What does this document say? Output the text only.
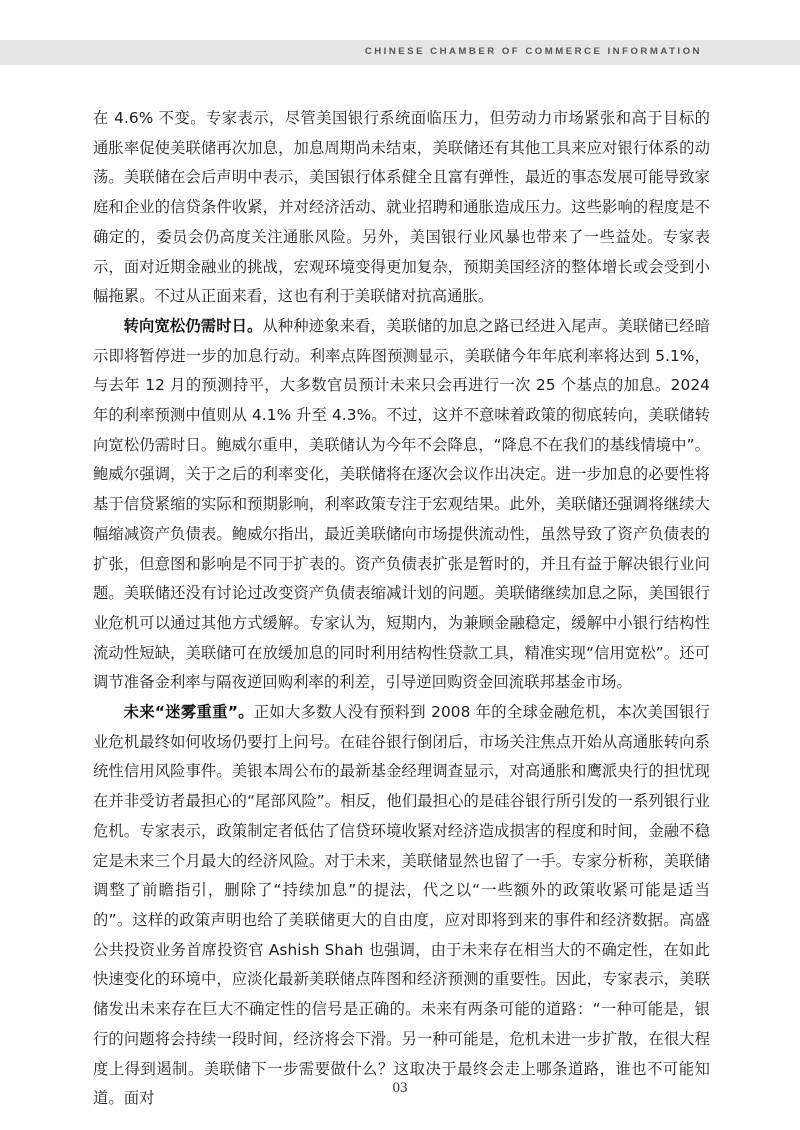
CHINESE CHAMBER OF COMMERCE INFORMATION

在 4.6% 不变。专家表示，尽管美国银行系统面临压力，但劳动力市场紧张和高于目标的通胀率促使美联储再次加息，加息周期尚未结束，美联储还有其他工具来应对银行体系的动荡。美联储在会后声明中表示，美国银行体系健全且富有弹性，最近的事态发展可能导致家庭和企业的信贷条件收紧，并对经济活动、就业招聘和通胀造成压力。这些影响的程度是不确定的，委员会仍高度关注通胀风险。另外，美国银行业风暴也带来了一些益处。专家表示，面对近期金融业的挑战，宏观环境变得更加复杂，预期美国经济的整体增长或会受到小幅拖累。不过从正面来看，这也有利于美联储对抗高通胀。

转向宽松仍需时日。从种种迹象来看，美联储的加息之路已经进入尾声。美联储已经暗示即将暂停进一步的加息行动。利率点阵图预测显示，美联储今年年底利率将达到 5.1%，与去年 12 月的预测持平，大多数官员预计未来只会再进行一次 25 个基点的加息。2024 年的利率预测中值则从 4.1% 升至 4.3%。不过，这并不意味着政策的彻底转向，美联储转向宽松仍需时日。鲍威尔重申，美联储认为今年不会降息，“降息不在我们的基线情境中”。鲍威尔强调，关于之后的利率变化，美联储将在逐次会议作出决定。进一步加息的必要性将基于信贷紧缩的实际和预期影响，利率政策专注于宏观结果。此外，美联储还强调将继续大幅缩减资产负债表。鲍威尔指出，最近美联储向市场提供流动性，虽然导致了资产负债表的扩张，但意图和影响是不同于扩表的。资产负债表扩张是暂时的，并且有益于解决银行业问题。美联储还没有讨论过改变资产负债表缩减计划的问题。美联储继续加息之际，美国银行业危机可以通过其他方式缓解。专家认为，短期内，为兼顾金融稳定，缓解中小银行结构性流动性短缺，美联储可在放缓加息的同时利用结构性贷款工具，精准实现“信用宽松”。还可调节准备金利率与隔夜逆回购利率的利差，引导逆回购资金回流联邦基金市场。

未来“迷雾重重”。正如大多数人没有预料到 2008 年的全球金融危机，本次美国银行业危机最终如何收场仍要打上问号。在硅谷银行倒闭后，市场关注焦点开始从高通胀转向系统性信用风险事件。美银本周公布的最新基金经理调查显示，对高通胀和鹰派央行的担忧现在并非受访者最担心的“尾部风险”。相反，他们最担心的是硅谷银行所引发的一系列银行业危机。专家表示，政策制定者低估了信贷环境收紧对经济造成损害的程度和时间，金融不稳定是未来三个月最大的经济风险。对于未来，美联储显然也留了一手。专家分析称，美联储调整了前瞻指引，删除了“持续加息”的提法，代之以“一些额外的政策收紧可能是适当的”。这样的政策声明也给了美联储更大的自由度，应对即将到来的事件和经济数据。高盛公共投资业务首席投资官 Ashish Shah 也强调，由于未来存在相当大的不确定性，在如此快速变化的环境中，应淡化最新美联储点阵图和经济预测的重要性。因此，专家表示，美联储发出未来存在巨大不确定性的信号是正确的。未来有两条可能的道路：“一种可能是，银行的问题将会持续一段时间，经济将会下滑。另一种可能是，危机未进一步扩散，在很大程度上得到遏制。美联储下一步需要做什么？这取决于最终会走上哪条道路，谁也不可能知道。面对

03
